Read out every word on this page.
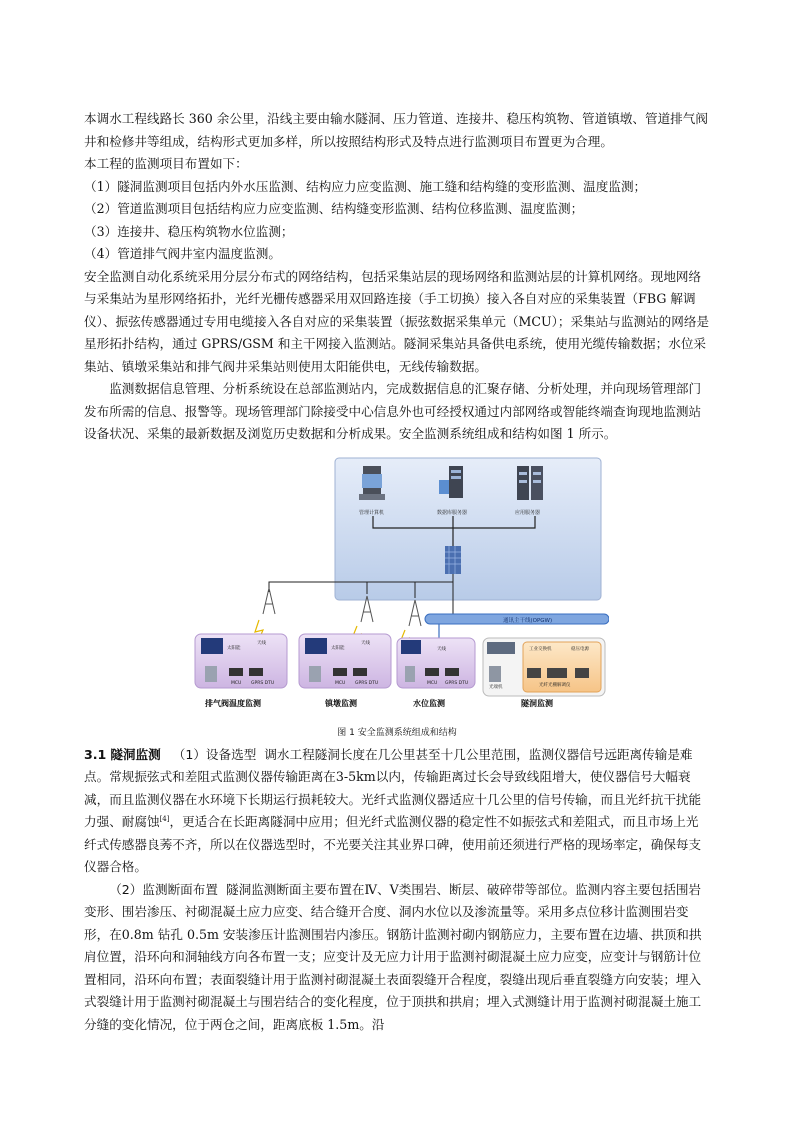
本调水工程线路长 360 余公里，沿线主要由输水隧洞、压力管道、连接井、稳压构筑物、管道镇墩、管道排气阀井和检修井等组成，结构形式更加多样，所以按照结构形式及特点进行监测项目布置更为合理。

本工程的监测项目布置如下：

（1）隧洞监测项目包括内外水压监测、结构应力应变监测、施工缝和结构缝的变形监测、温度监测；

（2）管道监测项目包括结构应力应变监测、结构缝变形监测、结构位移监测、温度监测；

（3）连接井、稳压构筑物水位监测；

（4）管道排气阀井室内温度监测。

安全监测自动化系统采用分层分布式的网络结构，包括采集站层的现场网络和监测站层的计算机网络。现地网络与采集站为星形网络拓扑，光纤光栅传感器采用双回路连接（手工切换）接入各自对应的采集装置（FBG 解调仪）、振弦传感器通过专用电缆接入各自对应的采集装置（振弦数据采集单元（MCU）；采集站与监测站的网络是星形拓扑结构，通过 GPRS/GSM 和主干网接入监测站。隧洞采集站具备供电系统，使用光缆传输数据；水位采集站、镇墩采集站和排气阀井采集站则使用太阳能供电，无线传输数据。

监测数据信息管理、分析系统设在总部监测站内，完成数据信息的汇聚存储、分析处理，并向现场管理部门发布所需的信息、报警等。现场管理部门除接受中心信息外也可经授权通过内部网络或智能终端查询现地监测站设备状况、采集的最新数据及浏览历史数据和分析成果。安全监测系统组成和结构如图 1 所示。

管理计算机	数据库服务器	应用服务器
通讯主干线(OPGW)
太阳能
天线
MCU GPRS DTU
排气阀温度监测
太阳能
天线
MCU GPRS DTU
镇墩监测
天线
MCU GPRS DTU
水位监测
工业交换机	稳压电源
光端机	光纤光栅解调仪
隧洞监测
图 1 安全监测系统组成和结构

3.1 隧洞监测 （1）设备选型 调水工程隧洞长度在几公里甚至十几公里范围，监测仪器信号远距离传输是难点。常规振弦式和差阻式监测仪器传输距离在3-5km以内，传输距离过长会导致线阻增大，使仪器信号大幅衰减，而且监测仪器在水环境下长期运行损耗较大。光纤式监测仪器适应十几公里的信号传输，而且光纤抗干扰能力强、耐腐蚀[4]，更适合在长距离隧洞中应用；但光纤式监测仪器的稳定性不如振弦式和差阻式，而且市场上光纤式传感器良莠不齐，所以在仪器选型时，不光要关注其业界口碑，使用前还须进行严格的现场率定，确保每支仪器合格。

（2）监测断面布置 隧洞监测断面主要布置在Ⅳ、Ⅴ类围岩、断层、破碎带等部位。监测内容主要包括围岩变形、围岩渗压、衬砌混凝土应力应变、结合缝开合度、洞内水位以及渗流量等。采用多点位移计监测围岩变形，在0.8m 钻孔 0.5m 安装渗压计监测围岩内渗压。钢筋计监测衬砌内钢筋应力，主要布置在边墙、拱顶和拱肩位置，沿环向和洞轴线方向各布置一支；应变计及无应力计用于监测衬砌混凝土应力应变，应变计与钢筋计位置相同，沿环向布置；表面裂缝计用于监测衬砌混凝土表面裂缝开合程度，裂缝出现后垂直裂缝方向安装；埋入式裂缝计用于监测衬砌混凝土与围岩结合的变化程度，位于顶拱和拱肩；埋入式测缝计用于监测衬砌混凝土施工分缝的变化情况，位于两仓之间，距离底板 1.5m。沿
